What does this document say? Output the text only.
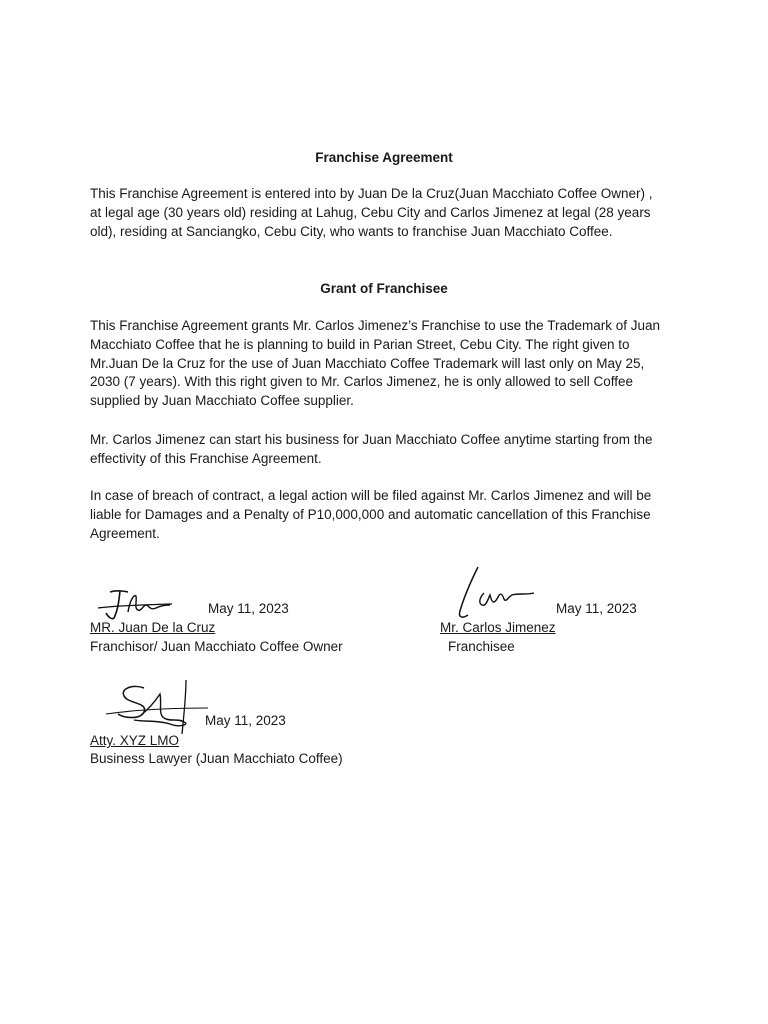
Franchise Agreement
This Franchise Agreement is entered into by Juan De la Cruz(Juan Macchiato Coffee Owner) ,
at legal age (30 years old) residing at Lahug, Cebu City and Carlos Jimenez at legal (28 years
old), residing at Sanciangko, Cebu City, who wants to franchise Juan Macchiato Coffee.
Grant of Franchisee
This Franchise Agreement grants Mr. Carlos Jimenez’s Franchise to use the Trademark of Juan
Macchiato Coffee that he is planning to build in Parian Street, Cebu City. The right given to
Mr.Juan De la Cruz for the use of Juan Macchiato Coffee Trademark will last only on May 25,
2030 (7 years). With this right given to Mr. Carlos Jimenez, he is only allowed to sell Coffee
supplied by Juan Macchiato Coffee supplier.
Mr. Carlos Jimenez can start his business for Juan Macchiato Coffee anytime starting from the
effectivity of this Franchise Agreement.
In case of breach of contract, a legal action will be filed against Mr. Carlos Jimenez and will be
liable for Damages and a Penalty of P10,000,000 and automatic cancellation of this Franchise
Agreement.
May 11, 2023
MR. Juan De la Cruz
Franchisor/ Juan Macchiato Coffee Owner
May 11, 2023
Mr. Carlos Jimenez
Franchisee
May 11, 2023
Atty. XYZ LMO
Business Lawyer (Juan Macchiato Coffee)
